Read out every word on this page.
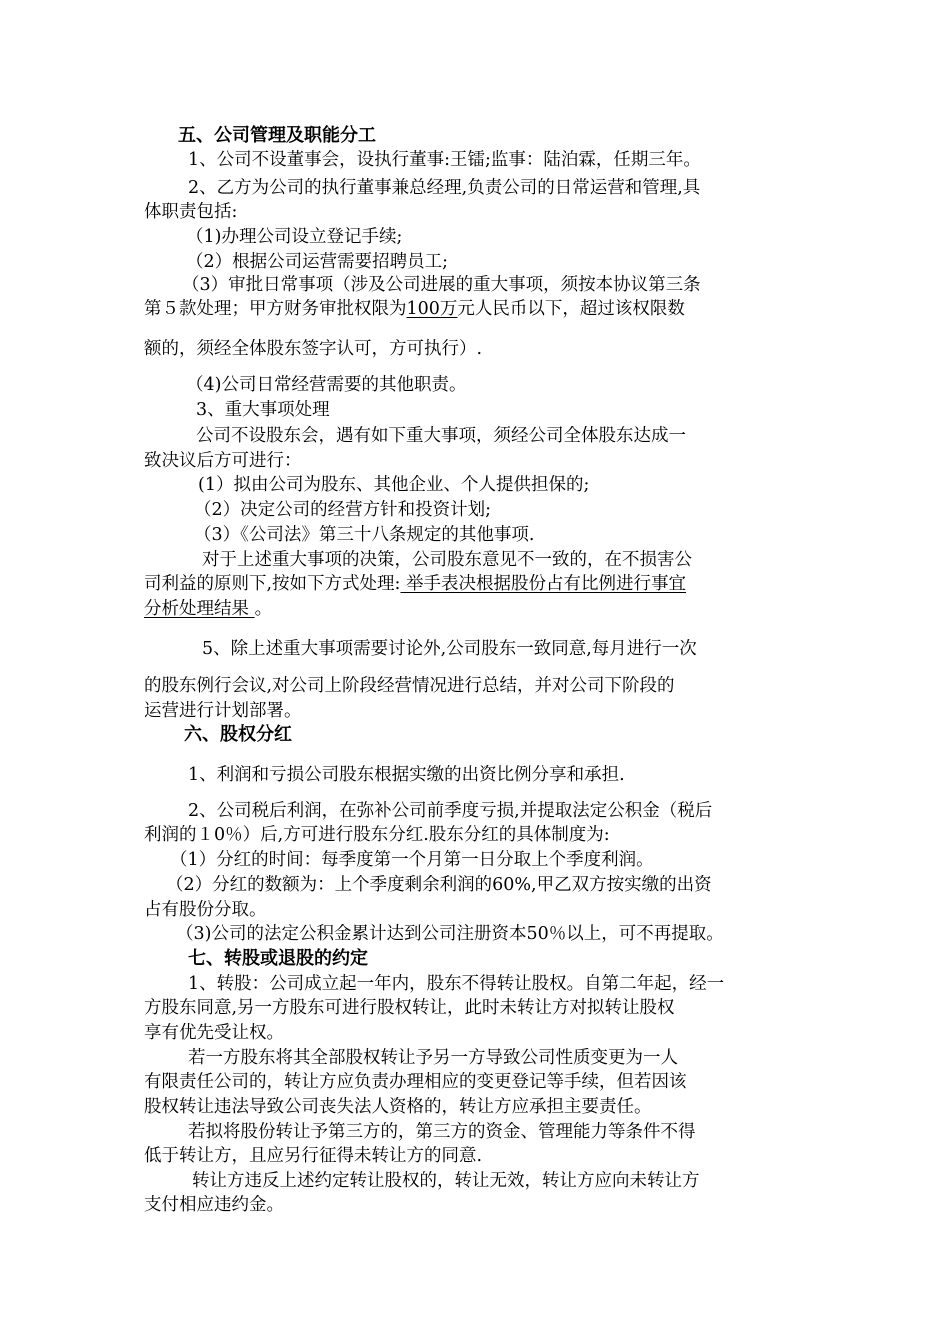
五、公司管理及职能分工
1、公司不设董事会，设执行董事:王镭;监事：陆泊霖，任期三年。
2、乙方为公司的执行董事兼总经理,负责公司的日常运营和管理,具
体职责包括:
（1)办理公司设立登记手续;
（2）根据公司运营需要招聘员工;
（3）审批日常事项（涉及公司进展的重大事项，须按本协议第三条
第５款处理；甲方财务审批权限为100万元人民币以下，超过该权限数
额的，须经全体股东签字认可，方可执行）.
（4)公司日常经营需要的其他职责。
3、重大事项处理
公司不设股东会，遇有如下重大事项，须经公司全体股东达成一
致决议后方可进行：
(1）拟由公司为股东、其他企业、个人提供担保的;
（2）决定公司的经营方针和投资计划;
（3）《公司法》第三十八条规定的其他事项.
对于上述重大事项的决策，公司股东意见不一致的，在不损害公
司利益的原则下,按如下方式处理: 举手表决根据股份占有比例进行事宜
分析处理结果 。
5、除上述重大事项需要讨论外,公司股东一致同意,每月进行一次
的股东例行会议,对公司上阶段经营情况进行总结，并对公司下阶段的
运营进行计划部署。
六、股权分红
1、利润和亏损公司股东根据实缴的出资比例分享和承担.
2、公司税后利润，在弥补公司前季度亏损,并提取法定公积金（税后
利润的１0％）后,方可进行股东分红.股东分红的具体制度为:
（1）分红的时间：每季度第一个月第一日分取上个季度利润。
（2）分红的数额为：上个季度剩余利润的60%,甲乙双方按实缴的出资
占有股份分取。
（3)公司的法定公积金累计达到公司注册资本50％以上，可不再提取。
七、转股或退股的约定
1、转股：公司成立起一年内，股东不得转让股权。自第二年起，经一
方股东同意,另一方股东可进行股权转让，此时未转让方对拟转让股权
享有优先受让权。
若一方股东将其全部股权转让予另一方导致公司性质变更为一人
有限责任公司的，转让方应负责办理相应的变更登记等手续，但若因该
股权转让违法导致公司丧失法人资格的，转让方应承担主要责任。
若拟将股份转让予第三方的，第三方的资金、管理能力等条件不得
低于转让方，且应另行征得未转让方的同意.
转让方违反上述约定转让股权的，转让无效，转让方应向未转让方
支付相应违约金。
